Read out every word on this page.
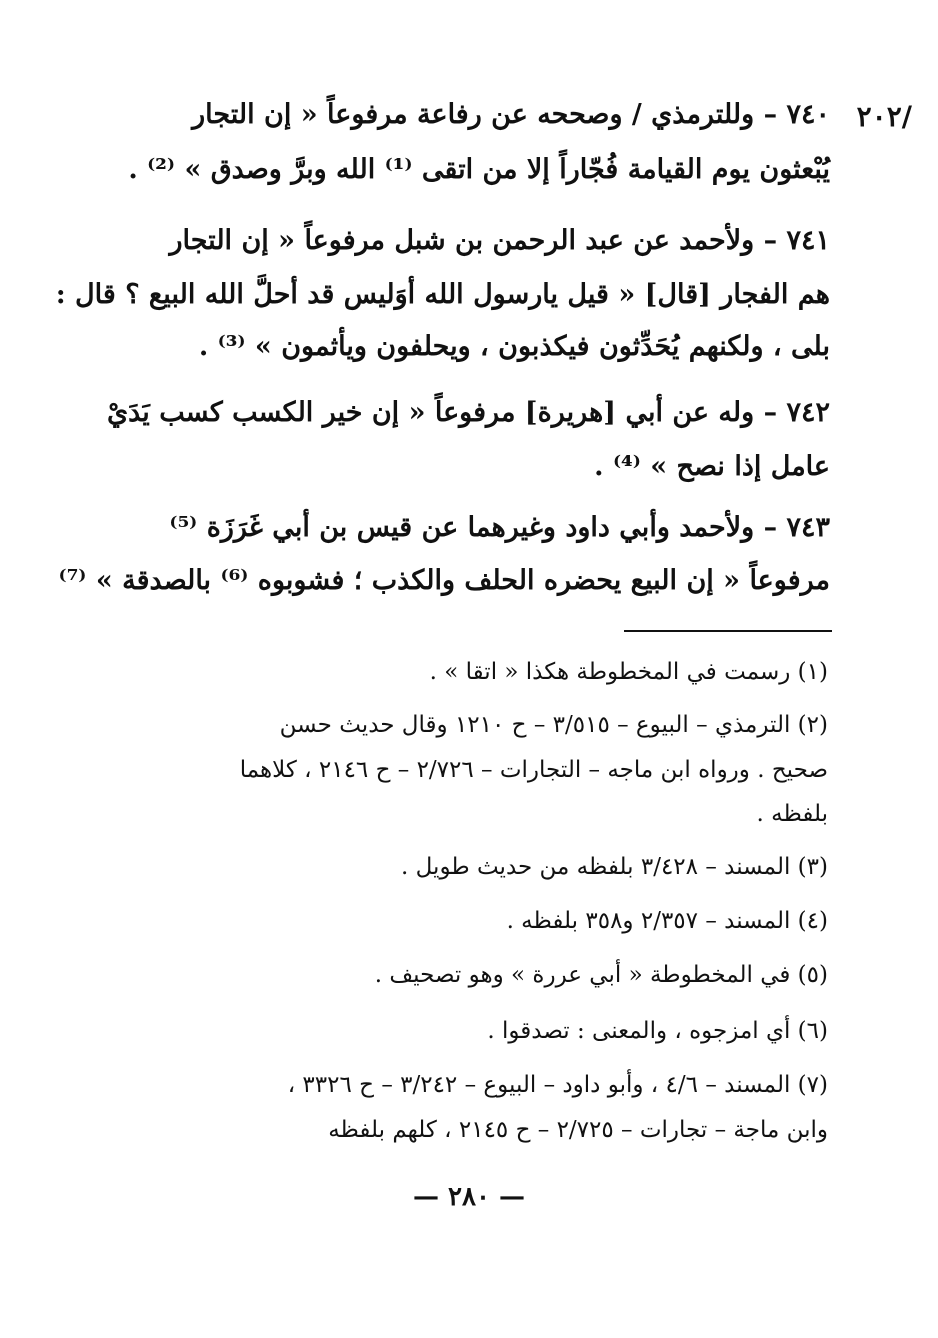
/٢٠٢
٧٤٠ – وللترمذي / وصححه عن رفاعة مرفوعاً « إن التجار
يُبْعثون يوم القيامة فُجّاراً إلا من اتقى ⁽¹⁾ الله وبرَّ وصدق » ⁽²⁾ .
٧٤١ – ولأحمد عن عبد الرحمن بن شبل مرفوعاً « إن التجار
هم الفجار [قال] « قيل يارسول الله أوَليس قد أحلَّ الله البيع ؟ قال :
بلى ، ولكنهم يُحَدِّثون فيكذبون ، ويحلفون ويأثمون » ⁽³⁾ .
٧٤٢ – وله عن أبي [هريرة] مرفوعاً « إن خير الكسب كسب يَدَيْ
عامل إذا نصح » ⁽⁴⁾ .
٧٤٣ – ولأحمد وأبي داود وغيرهما عن قيس بن أبي غَرَزَة ⁽⁵⁾
مرفوعاً « إن البيع يحضره الحلف والكذب ؛ فشوبوه ⁽⁶⁾ بالصدقة » ⁽⁷⁾
(١) رسمت في المخطوطة هكذا « اتقا » .
(٢) الترمذي – البيوع – ٣/٥١٥ – ح ١٢١٠ وقال حديث حسن
صحيح . ورواه ابن ماجه – التجارات – ٢/٧٢٦ – ح ٢١٤٦ ، كلاهما
بلفظه .
(٣) المسند – ٣/٤٢٨ بلفظه من حديث طويل .
(٤) المسند – ٢/٣٥٧ و٣٥٨ بلفظه .
(٥) في المخطوطة « أبي عررة » وهو تصحيف .
(٦) أي امزجوه ، والمعنى : تصدقوا .
(٧) المسند – ٤/٦ ، وأبو داود – البيوع – ٣/٢٤٢ – ح ٣٣٢٦ ،
وابن ماجة – تجارات – ٢/٧٢٥ – ح ٢١٤٥ ، كلهم بلفظه
— ٢٨٠ —
